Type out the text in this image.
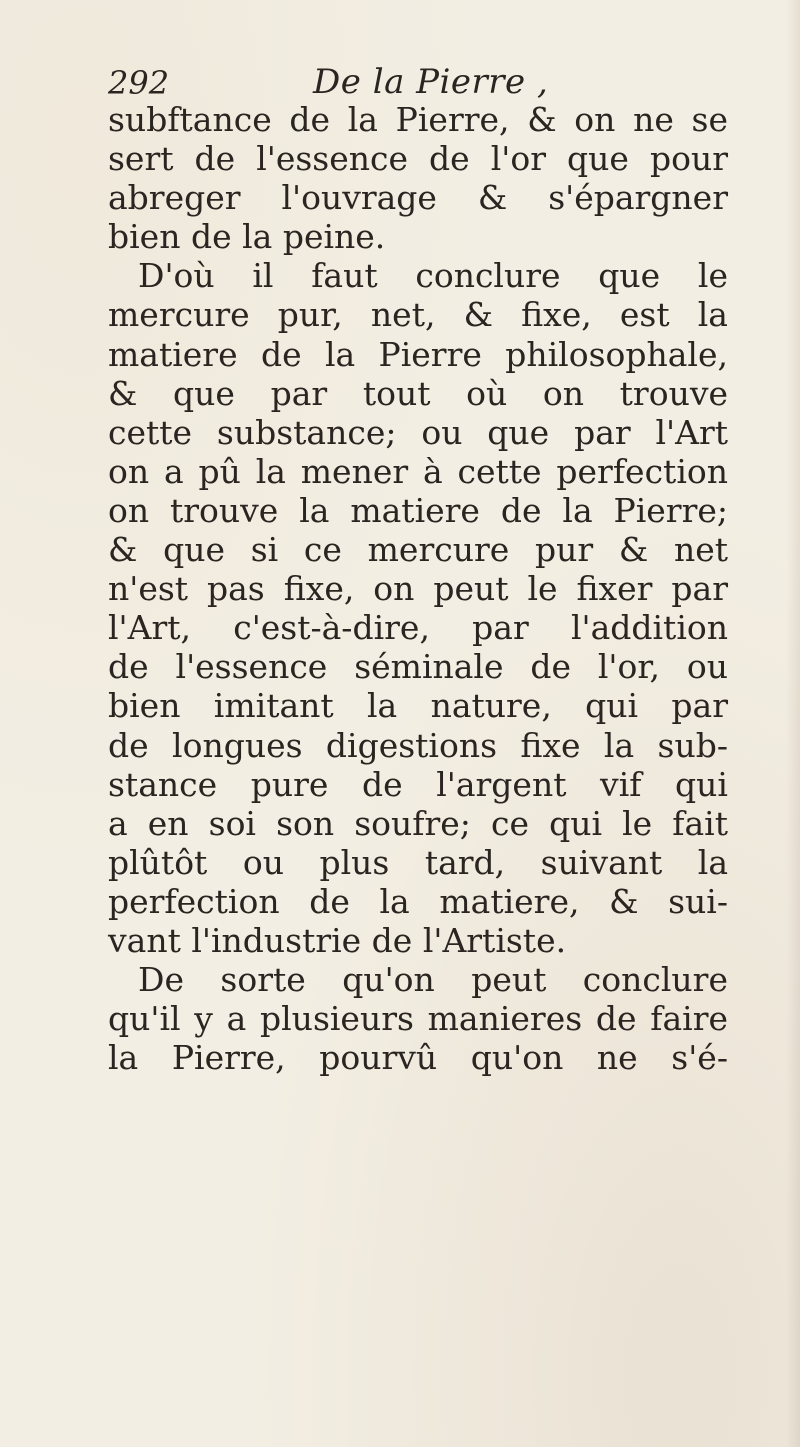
292	De la Pierre ,
subftance de la Pierre, & on ne se
sert de l'essence de l'or que pour
abreger l'ouvrage & s'épargner
bien de la peine.
D'où il faut conclure que le
mercure pur, net, & fixe, est la
matiere de la Pierre philosophale,
& que par tout où on trouve
cette substance; ou que par l'Art
on a pû la mener à cette perfection
on trouve la matiere de la Pierre;
& que si ce mercure pur & net
n'est pas fixe, on peut le fixer par
l'Art, c'est-à-dire, par l'addition
de l'essence séminale de l'or, ou
bien imitant la nature, qui par
de longues digestions fixe la sub-
stance pure de l'argent vif qui
a en soi son soufre; ce qui le fait
plûtôt ou plus tard, suivant la
perfection de la matiere, & sui-
vant l'industrie de l'Artiste.
De sorte qu'on peut conclure
qu'il y a plusieurs manieres de faire
la Pierre, pourvû qu'on ne s'é-
